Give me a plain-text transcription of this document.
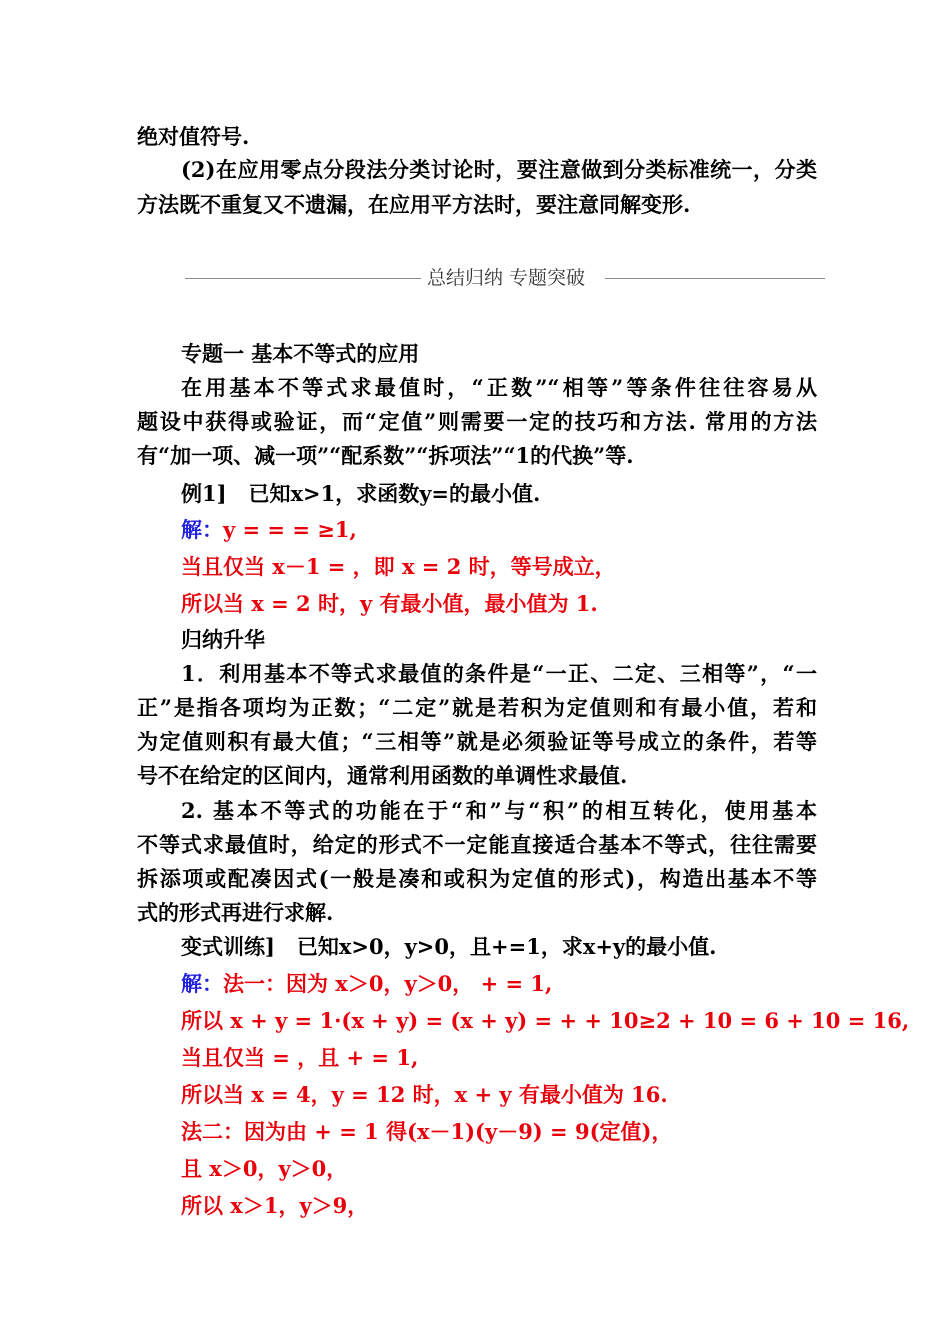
绝对值符号.
(2)在应用零点分段法分类讨论时，要注意做到分类标准统一，分类
方法既不重复又不遗漏，在应用平方法时，要注意同解变形.
总结归纳 专题突破
专题一 基本不等式的应用
在用基本不等式求最值时，“正数”“相等”等条件往往容易从
题设中获得或验证，而“定值”则需要一定的技巧和方法. 常用的方法
有“加一项、减一项”“配系数”“拆项法”“1的代换”等.
例1] 已知x>1，求函数y=的最小值.
解：y = = = ≥1,
当且仅当 x－1 = ，即 x = 2 时，等号成立，
所以当 x = 2 时，y 有最小值，最小值为 1.
归纳升华
1．利用基本不等式求最值的条件是“一正、二定、三相等”，“一
正”是指各项均为正数；“二定”就是若积为定值则和有最小值，若和
为定值则积有最大值；“三相等”就是必须验证等号成立的条件，若等
号不在给定的区间内，通常利用函数的单调性求最值.
2. 基本不等式的功能在于“和”与“积”的相互转化，使用基本
不等式求最值时，给定的形式不一定能直接适合基本不等式，往往需要
拆添项或配凑因式(一般是凑和或积为定值的形式)，构造出基本不等
式的形式再进行求解.
变式训练] 已知x>0，y>0，且+=1，求x+y的最小值.
解：法一：因为 x＞0，y＞0， + = 1,
所以 x + y = 1·(x + y) = (x + y) = + + 10≥2 + 10 = 6 + 10 = 16,
当且仅当 = ，且 + = 1,
所以当 x = 4，y = 12 时，x + y 有最小值为 16.
法二：因为由 + = 1 得(x－1)(y－9) = 9(定值)，
且 x＞0，y＞0，
所以 x＞1，y＞9，
